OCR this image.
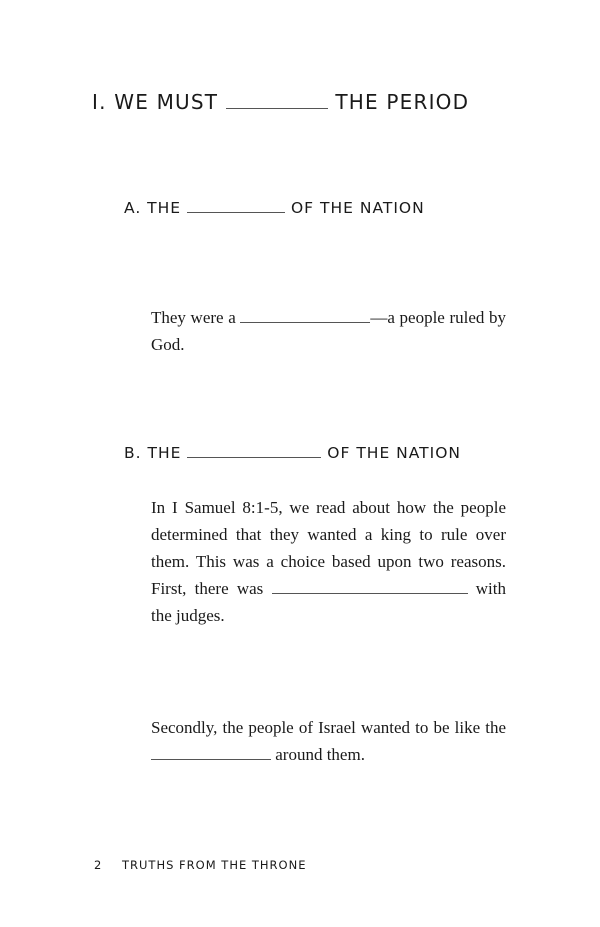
I. WE MUST	THE PERIOD
A. THE	OF THE NATION
They were a	—a people ruled by God.
B. THE	OF THE NATION
In I Samuel 8:1-5, we read about how the people determined that they wanted a king to rule over them. This was a choice based upon two reasons. First, there was	with the judges.
Secondly, the people of Israel wanted to be like the  around them.
2 TRUTHS FROM THE THRONE
